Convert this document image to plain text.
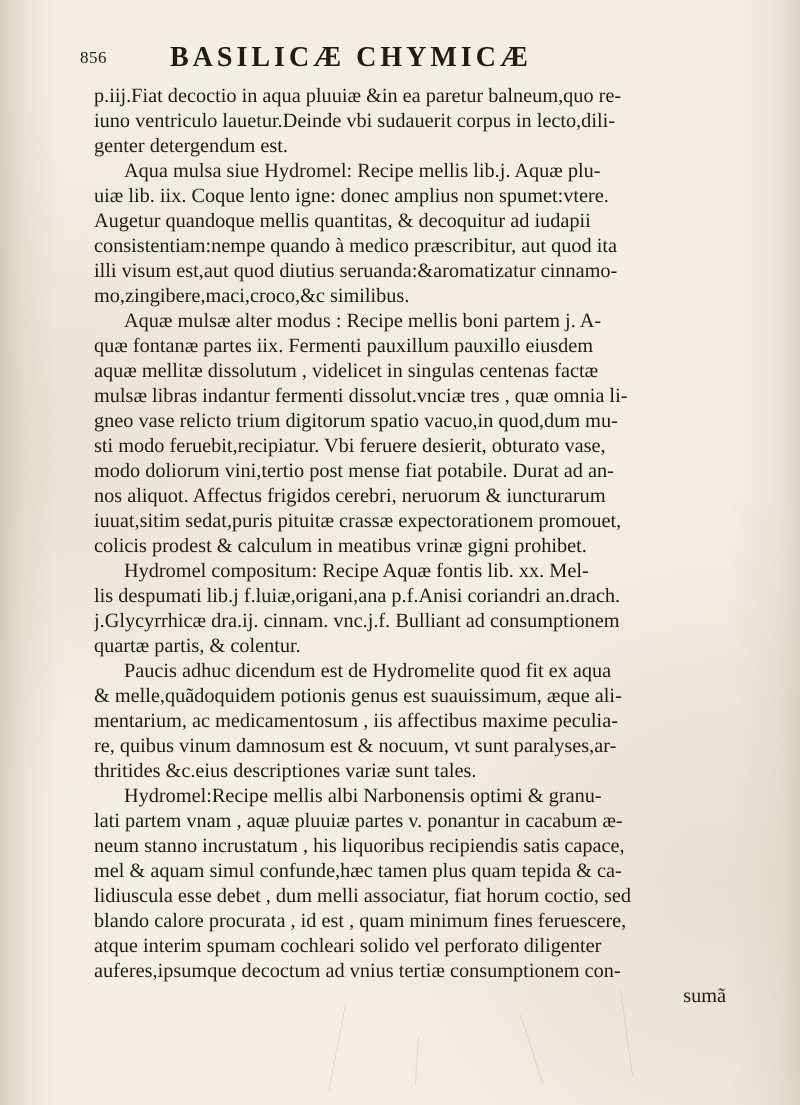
856 BASILICÆ CHYMICÆ
p.iij.Fiat decoctio in aqua pluuiæ &in ea paretur balneum,quo re-
iuno ventriculo lauetur.Deinde vbi sudauerit corpus in lecto,dili-
genter detergendum est.
Aqua mulsa siue Hydromel: Recipe mellis lib.j. Aquæ plu-
uiæ lib. iix. Coque lento igne: donec amplius non spumet:vtere.
Augetur quandoque mellis quantitas, & decoquitur ad iudapii
consistentiam:nempe quando à medico præscribitur, aut quod ita
illi visum est,aut quod diutius seruanda:&aromatizatur cinnamo-
mo,zingibere,maci,croco,&c similibus.
Aquæ mulsæ alter modus : Recipe mellis boni partem j. A-
quæ fontanæ partes iix. Fermenti pauxillum pauxillo eiusdem
aquæ mellitæ dissolutum , videlicet in singulas centenas factæ
mulsæ libras indantur fermenti dissolut.vnciæ tres , quæ omnia li-
gneo vase relicto trium digitorum spatio vacuo,in quod,dum mu-
sti modo feruebit,recipiatur. Vbi feruere desierit, obturato vase,
modo doliorum vini,tertio post mense fiat potabile. Durat ad an-
nos aliquot. Affectus frigidos cerebri, neruorum & iuncturarum
iuuat,sitim sedat,puris pituitæ crassæ expectorationem promouet,
colicis prodest & calculum in meatibus vrinæ gigni prohibet.
Hydromel compositum: Recipe Aquæ fontis lib. xx. Mel-
lis despumati lib.j f.luiæ,origani,ana p.f.Anisi coriandri an.drach.
j.Glycyrrhicæ dra.ij. cinnam. vnc.j.f. Bulliant ad consumptionem
quartæ partis, & colentur.
Paucis adhuc dicendum est de Hydromelite quod fit ex aqua
& melle,quãdoquidem potionis genus est suauissimum, æque ali-
mentarium, ac medicamentosum , iis affectibus maxime peculia-
re, quibus vinum damnosum est & nocuum, vt sunt paralyses,ar-
thritides &c.eius descriptiones variæ sunt tales.
Hydromel:Recipe mellis albi Narbonensis optimi & granu-
lati partem vnam , aquæ pluuiæ partes v. ponantur in cacabum æ-
neum stanno incrustatum , his liquoribus recipiendis satis capace,
mel & aquam simul confunde,hæc tamen plus quam tepida & ca-
lidiuscula esse debet , dum melli associatur, fiat horum coctio, sed
blando calore procurata , id est , quam minimum fines feruescere,
atque interim spumam cochleari solido vel perforato diligenter
auferes,ipsumque decoctum ad vnius tertiæ consumptionem con-
sumã
